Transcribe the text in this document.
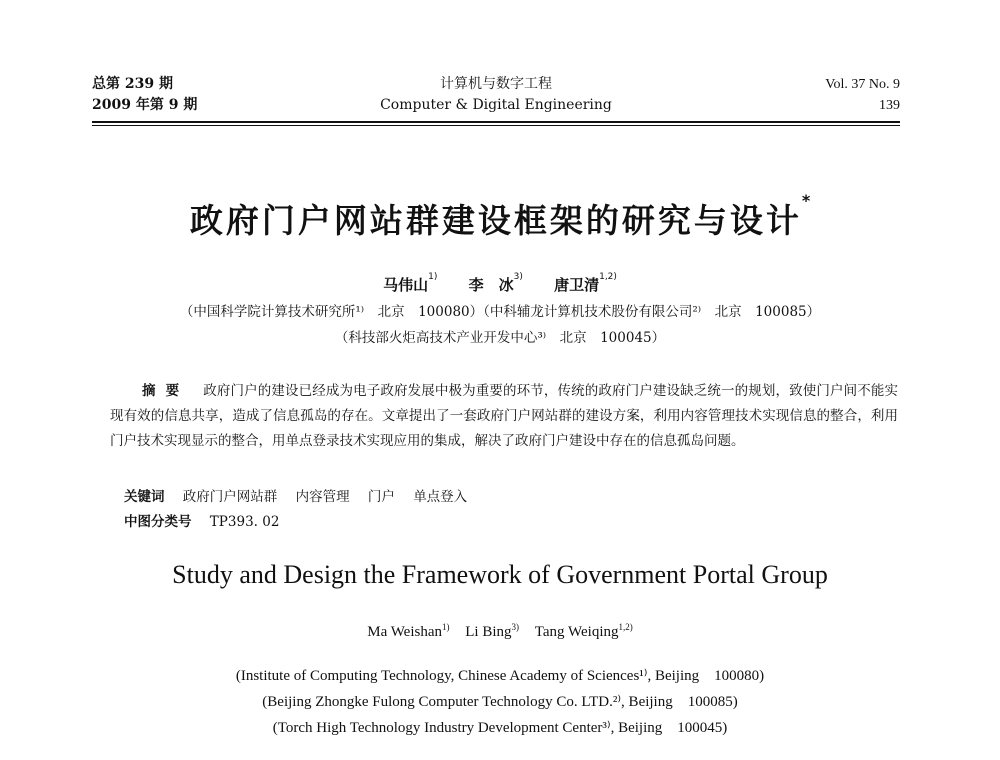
总第 239 期
2009 年第 9 期
计算机与数字工程
Computer & Digital Engineering
Vol. 37 No. 9
139
政府门户网站群建设框架的研究与设计*
马伟山$^{1)}$ 李　冰$^{3)}$ 唐卫清$^{1,2)}$
（中国科学院计算技术研究所¹⁾　北京　100080）（中科辅龙计算机技术股份有限公司²⁾　北京　100085）
（科技部火炬高技术产业开发中心³⁾　北京　100045）
摘要 政府门户的建设已经成为电子政府发展中极为重要的环节，传统的政府门户建设缺乏统一的规划，致使门户间不能实现有效的信息共享，造成了信息孤岛的存在。文章提出了一套政府门户网站群的建设方案，利用内容管理技术实现信息的整合，利用门户技术实现显示的整合，用单点登录技术实现应用的集成，解决了政府门户建设中存在的信息孤岛问题。
关键词 政府门户网站群 内容管理 门户 单点登入
中图分类号 TP393. 02
Study and Design the Framework of Government Portal Group
Ma Weishan$^{1)}$ Li Bing$^{3)}$ Tang Weiqing$^{1,2)}$
(Institute of Computing Technology, Chinese Academy of Sciences¹⁾, Beijing　100080)
(Beijing Zhongke Fulong Computer Technology Co. LTD.²⁾, Beijing　100085)
(Torch High Technology Industry Development Center³⁾, Beijing　100045)
